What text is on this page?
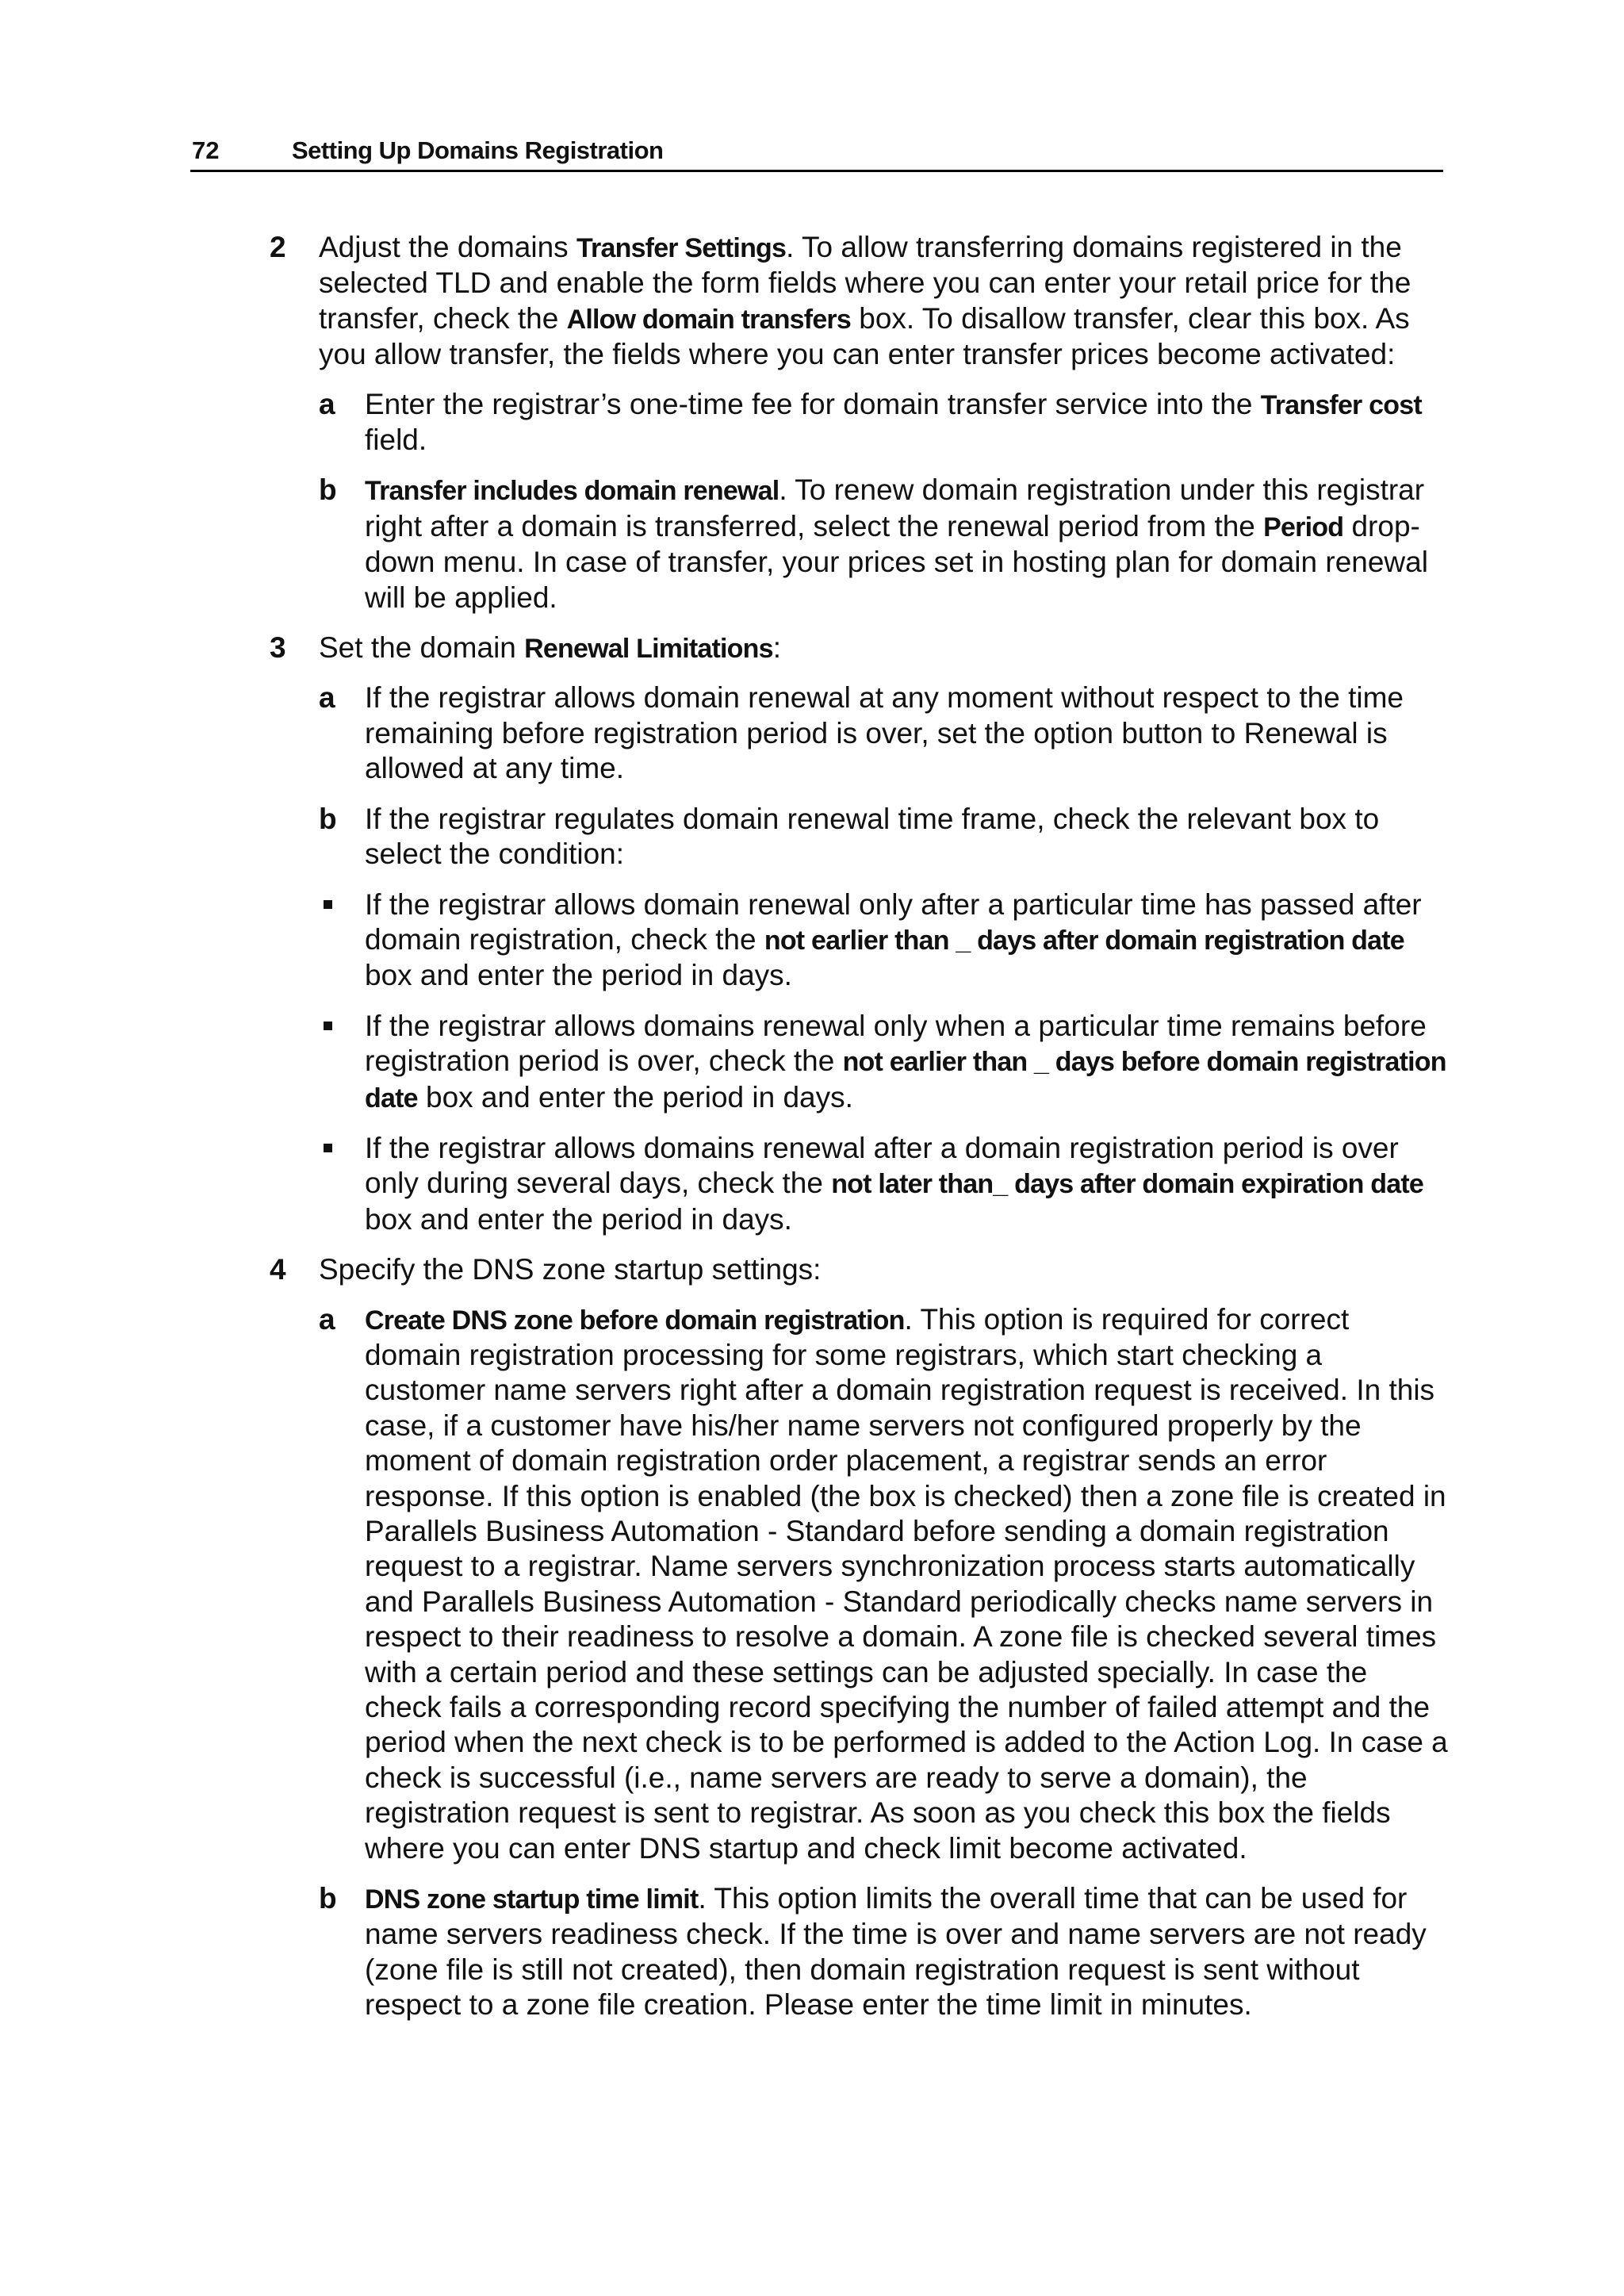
72	Setting Up Domains Registration
2 Adjust the domains Transfer Settings. To allow transferring domains registered in the selected TLD and enable the form fields where you can enter your retail price for the transfer, check the Allow domain transfers box. To disallow transfer, clear this box. As you allow transfer, the fields where you can enter transfer prices become activated:

a Enter the registrar’s one-time fee for domain transfer service into the Transfer cost field.

b Transfer includes domain renewal. To renew domain registration under this registrar right after a domain is transferred, select the renewal period from the Period drop-down menu. In case of transfer, your prices set in hosting plan for domain renewal will be applied.

3 Set the domain Renewal Limitations:

a If the registrar allows domain renewal at any moment without respect to the time remaining before registration period is over, set the option button to Renewal is allowed at any time.

b If the registrar regulates domain renewal time frame, check the relevant box to select the condition:

If the registrar allows domain renewal only after a particular time has passed after domain registration, check the not earlier than _ days after domain registration date box and enter the period in days.

If the registrar allows domains renewal only when a particular time remains before registration period is over, check the not earlier than _ days before domain registration date box and enter the period in days.

If the registrar allows domains renewal after a domain registration period is over only during several days, check the not later than_ days after domain expiration date box and enter the period in days.

4 Specify the DNS zone startup settings:

a Create DNS zone before domain registration. This option is required for correct domain registration processing for some registrars, which start checking a customer name servers right after a domain registration request is received. In this case, if a customer have his/her name servers not configured properly by the moment of domain registration order placement, a registrar sends an error response. If this option is enabled (the box is checked) then a zone file is created in Parallels Business Automation - Standard before sending a domain registration request to a registrar. Name servers synchronization process starts automatically and Parallels Business Automation - Standard periodically checks name servers in respect to their readiness to resolve a domain. A zone file is checked several times with a certain period and these settings can be adjusted specially. In case the check fails a corresponding record specifying the number of failed attempt and the period when the next check is to be performed is added to the Action Log. In case a check is successful (i.e., name servers are ready to serve a domain), the registration request is sent to registrar. As soon as you check this box the fields where you can enter DNS startup and check limit become activated.

b DNS zone startup time limit. This option limits the overall time that can be used for name servers readiness check. If the time is over and name servers are not ready (zone file is still not created), then domain registration request is sent without respect to a zone file creation. Please enter the time limit in minutes.
